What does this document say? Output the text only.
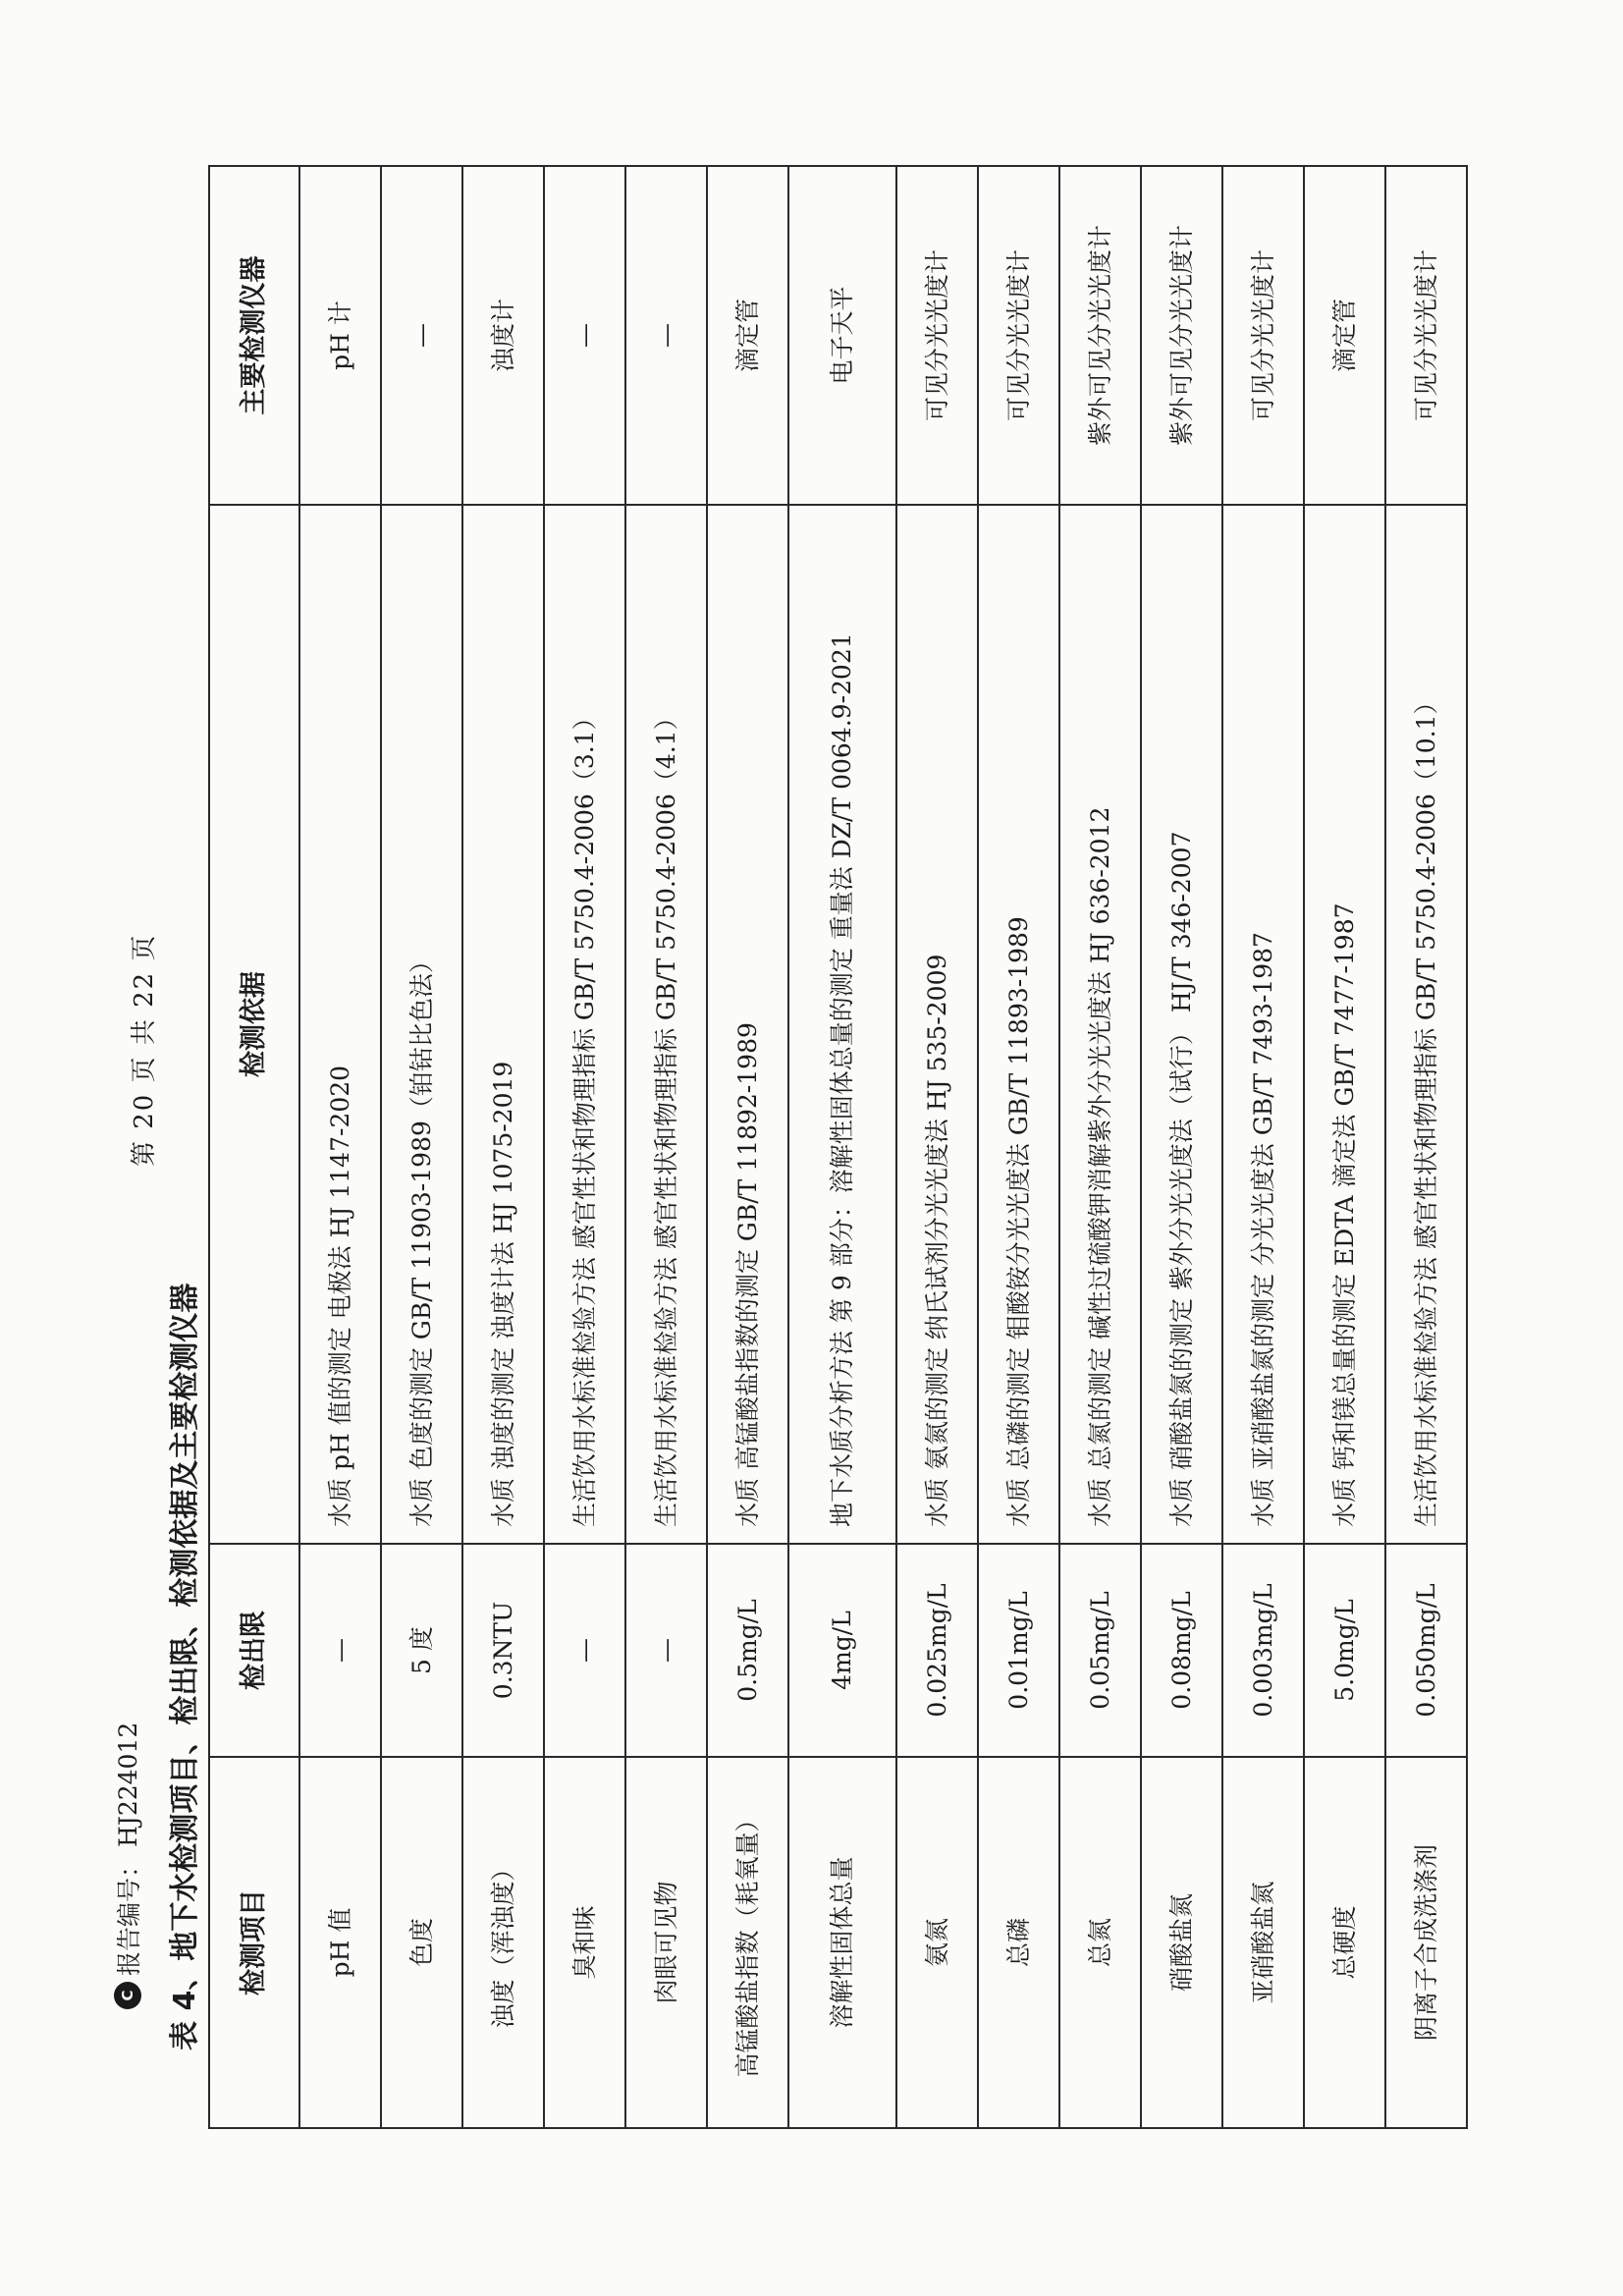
C
报告编号：
HJ224012
第 20 页 共 22 页
表 4、地下水检测项目、检出限、检测依据及主要检测仪器 检测项目	检出限	检测依据	主要检测仪器
pH 值	—	水质 pH 值的测定 电极法 HJ 1147-2020	pH 计
色度	5 度	水质 色度的测定 GB/T 11903-1989（铂钴比色法）	—
浊度（浑浊度）	0.3NTU	水质 浊度的测定 浊度计法 HJ 1075-2019	浊度计
臭和味	—	生活饮用水标准检验方法 感官性状和物理指标 GB/T 5750.4-2006（3.1）	—
肉眼可见物	—	生活饮用水标准检验方法 感官性状和物理指标 GB/T 5750.4-2006（4.1）	—
高锰酸盐指数（耗氧量）	0.5mg/L	水质 高锰酸盐指数的测定 GB/T 11892-1989	滴定管
溶解性固体总量	4mg/L	地下水质分析方法 第 9 部分：溶解性固体总量的测定 重量法 DZ/T 0064.9-2021	电子天平
氨氮	0.025mg/L	水质 氨氮的测定 纳氏试剂分光光度法 HJ 535-2009	可见分光光度计
总磷	0.01mg/L	水质 总磷的测定 钼酸铵分光光度法 GB/T 11893-1989	可见分光光度计
总氮	0.05mg/L	水质 总氮的测定 碱性过硫酸钾消解紫外分光光度法 HJ 636-2012	紫外可见分光光度计
硝酸盐氮	0.08mg/L	水质 硝酸盐氮的测定 紫外分光光度法（试行） HJ/T 346-2007	紫外可见分光光度计
亚硝酸盐氮	0.003mg/L	水质 亚硝酸盐氮的测定 分光光度法 GB/T 7493-1987	可见分光光度计
总硬度	5.0mg/L	水质 钙和镁总量的测定 EDTA 滴定法 GB/T 7477-1987	滴定管
阴离子合成洗涤剂	0.050mg/L	生活饮用水标准检验方法 感官性状和物理指标 GB/T 5750.4-2006（10.1）	可见分光光度计
